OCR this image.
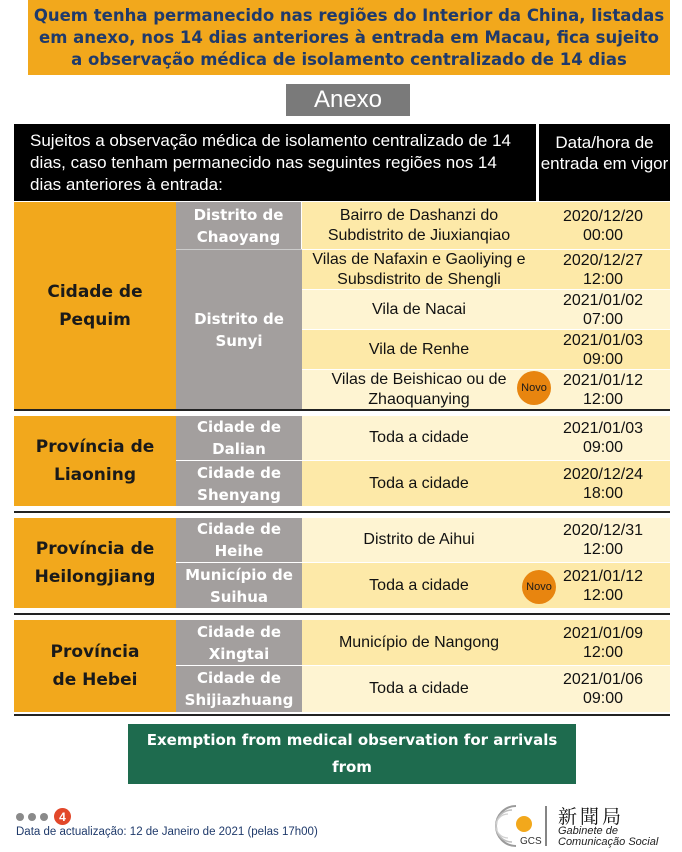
Quem tenha permanecido nas regiões do Interior da China, listadas
em anexo, nos 14 dias anteriores à entrada em Macau, fica sujeito
a observação médica de isolamento centralizado de 14 dias
Anexo
Sujeitos a observação médica de isolamento centralizado de 14 dias, caso tenham permanecido nas seguintes regiões nos 14 dias anteriores à entrada:
Data/hora de entrada em vigor
Cidade de Pequim
Distrito de Chaoyang
Distrito de Sunyi
Bairro de Dashanzi do Subdistrito de Jiuxianqiao
2020/12/20
00:00
Vilas de Nafaxin e Gaoliying e Subsdistrito de Shengli
2020/12/27
12:00
Vila de Nacai
2021/01/02
07:00
Vila de Renhe
2021/01/03
09:00
Vilas de Beishicao ou de Zhaoquanying
2021/01/12
12:00
Novo
Província de Liaoning
Cidade de Dalian
Cidade de Shenyang
Toda a cidade
2021/01/03
09:00
Toda a cidade
2020/12/24
18:00
Província de Heilongjiang
Cidade de Heihe
Município de Suihua
Distrito de Aihui
2020/12/31
12:00
Toda a cidade
2021/01/12
12:00
Novo
Província de Hebei
Cidade de Xingtai
Cidade de Shijiazhuang
Município de Nangong
2021/01/09
12:00
Toda a cidade
2021/01/06
09:00
Exemption from medical observation for arrivals from
low-risk cities in mainland China.
4
Data de actualização: 12 de Janeiro de 2021 (pelas 17h00)
GCS
新聞局
Gabinete de
Comunicação Social
